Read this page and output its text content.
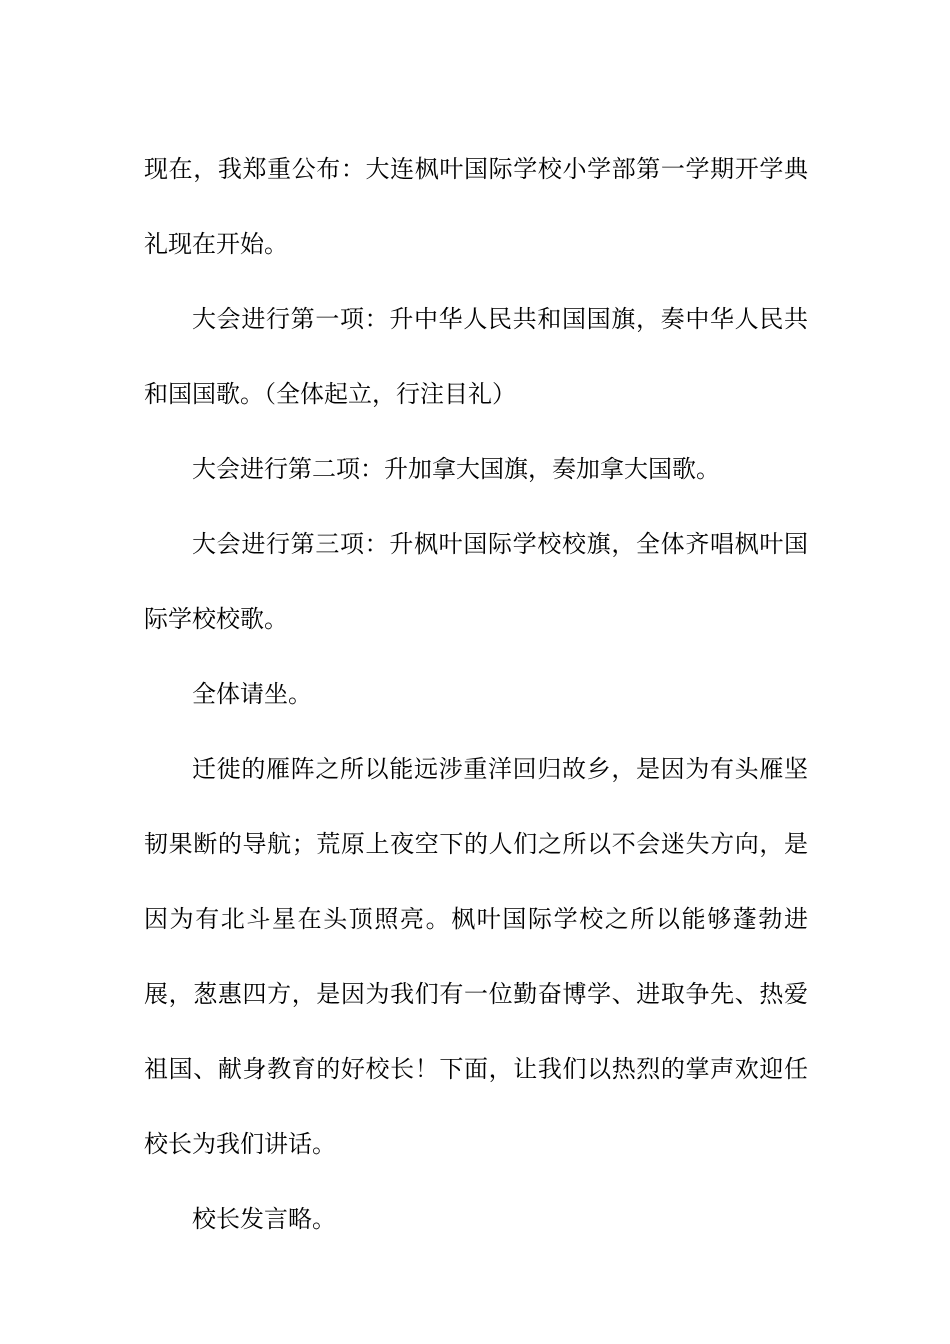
现在，我郑重公布：大连枫叶国际学校小学部第一学期开学典礼现在开始。

大会进行第一项：升中华人民共和国国旗，奏中华人民共和国国歌。（全体起立，行注目礼）

大会进行第二项：升加拿大国旗，奏加拿大国歌。

大会进行第三项：升枫叶国际学校校旗，全体齐唱枫叶国际学校校歌。

全体请坐。

迁徙的雁阵之所以能远涉重洋回归故乡，是因为有头雁坚韧果断的导航；荒原上夜空下的人们之所以不会迷失方向，是因为有北斗星在头顶照亮。枫叶国际学校之所以能够蓬勃进展，葱惠四方，是因为我们有一位勤奋博学、进取争先、热爱祖国、献身教育的好校长！下面，让我们以热烈的掌声欢迎任校长为我们讲话。

校长发言略。
